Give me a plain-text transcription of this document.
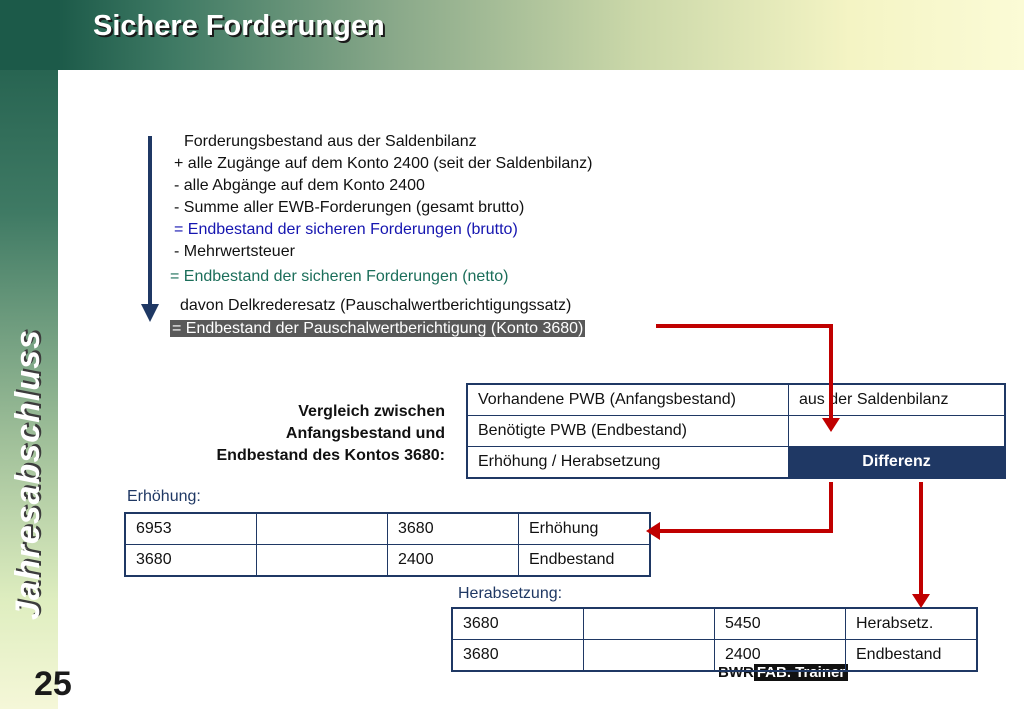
Sichere Forderungen
Jahresabschluss
25
Forderungsbestand aus der Saldenbilanz
+ alle Zugänge auf dem Konto 2400 (seit der Saldenbilanz)
- alle Abgänge auf dem Konto 2400
- Summe aller EWB-Forderungen (gesamt brutto)
= Endbestand der sicheren Forderungen (brutto)
- Mehrwertsteuer
= Endbestand der sicheren Forderungen (netto)
davon Delkrederesatz (Pauschalwertberichtigungssatz)
= Endbestand der Pauschalwertberichtigung (Konto 3680)
Vergleich zwischen
Anfangsbestand und
Endbestand des Kontos 3680:
Vorhandene PWB (Anfangsbestand)	aus der Saldenbilanz
Benötigte PWB (Endbestand)	
Erhöhung / Herabsetzung	Differenz
Erhöhung:
6953		3680	Erhöhung
3680		2400	Endbestand
Herabsetzung:
BWR FAB. Trainer
3680		5450	Herabsetz.
3680		2400	Endbestand
